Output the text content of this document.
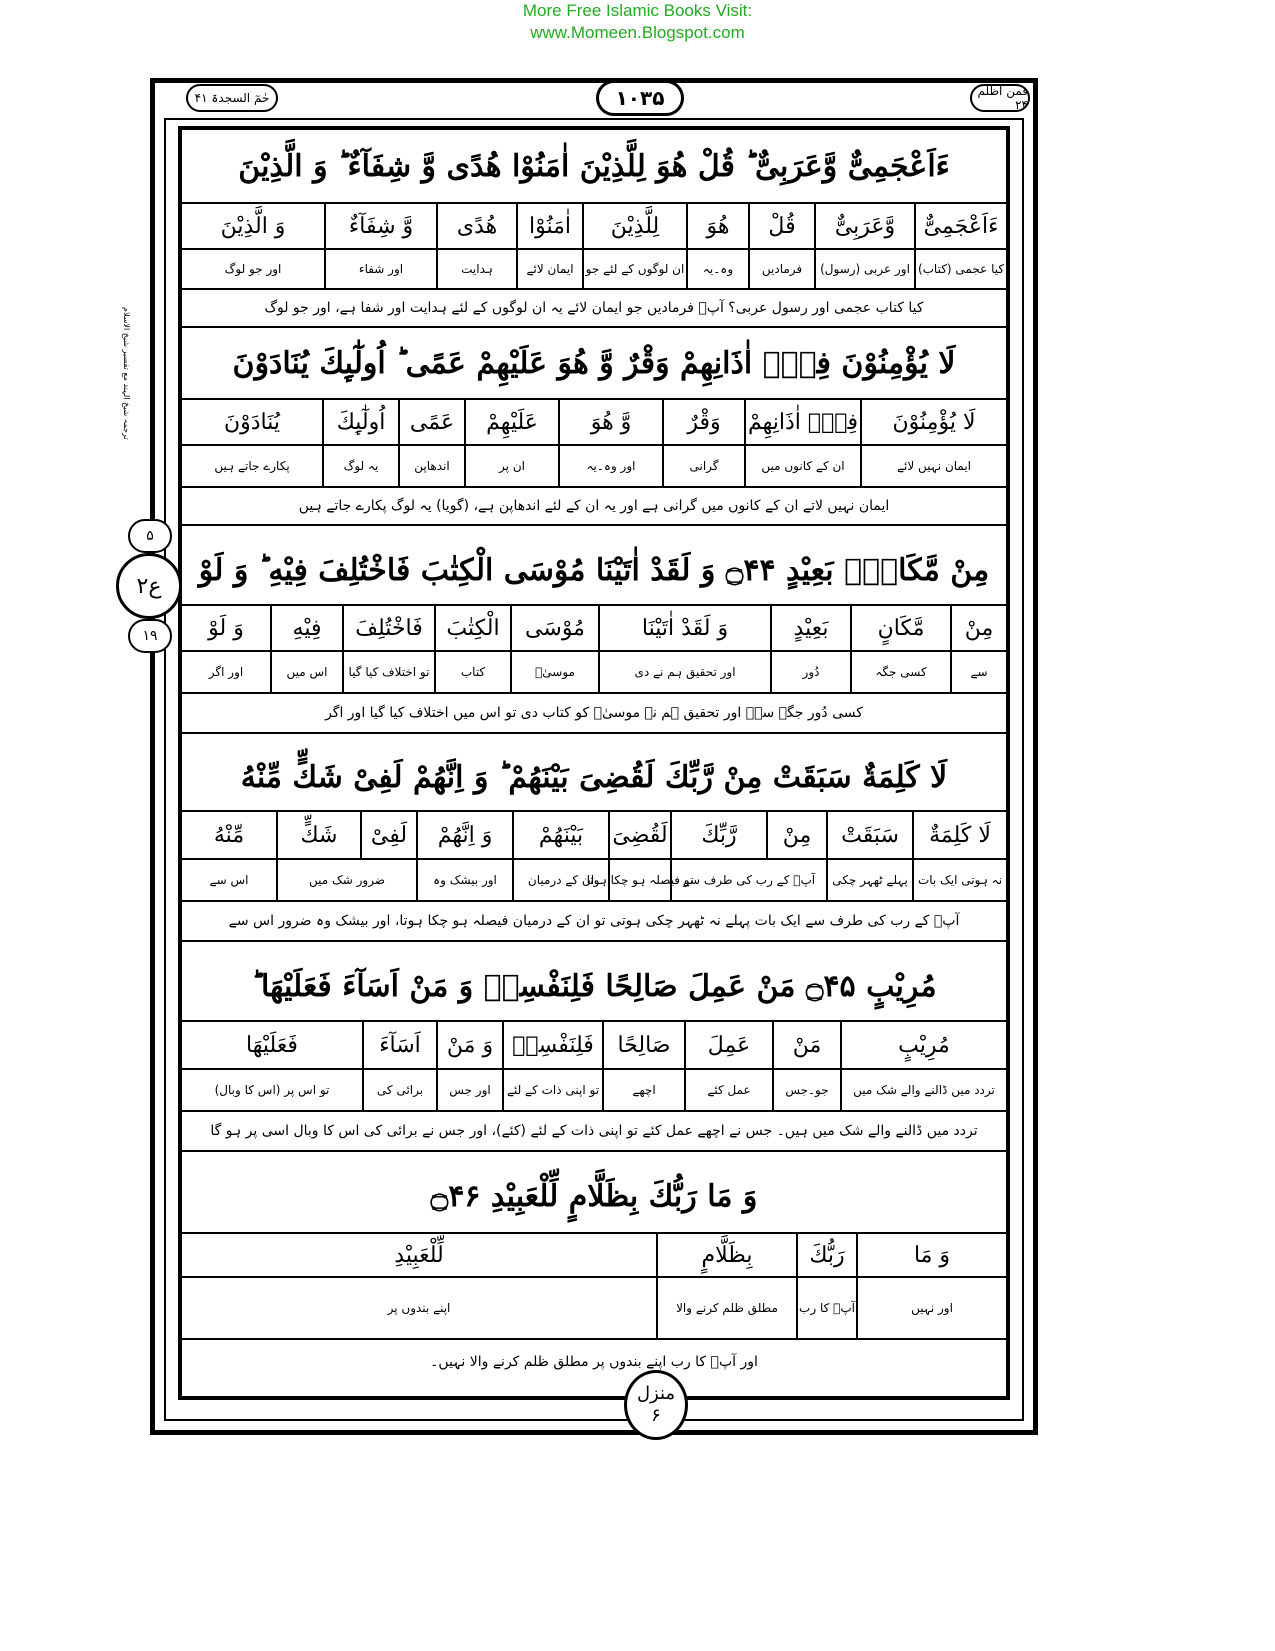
More Free Islamic Books Visit:
www.Momeen.Blogspot.com
حٰمٓ السجدۃ ۴۱	۱۰۳۵	فمن اظلم ۲۴
ترجمہ شیخ الہند مع تفسیر شیخ الاسلام
ءَاَعْجَمِیٌّ وَّعَرَبِیٌّ ؕ قُلْ هُوَ لِلَّذِیْنَ اٰمَنُوْا هُدًى وَّ شِفَآءٌ ؕ وَ الَّذِیْنَ
ءَاَعْجَمِیٌّ
وَّعَرَبِیٌّ
قُلْ
هُوَ
لِلَّذِیْنَ
اٰمَنُوْا
هُدًى
وَّ شِفَآءٌ
وَ الَّذِیْنَ
کیا عجمی (کتاب)
اور عربی (رسول)
فرمادیں
وہ۔یہ
ان لوگوں کے لئے جو
ایمان لائے
ہدایت
اور شفاء
اور جو لوگ
کیا کتاب عجمی اور رسول عربی؟ آپؐ فرمادیں جو ایمان لائے یہ ان لوگوں کے لئے ہدایت اور شفا ہے، اور جو لوگ
لَا یُؤْمِنُوْنَ فِیْۤ اٰذَانِهِمْ وَقْرٌ وَّ هُوَ عَلَیْهِمْ عَمًى ؕ اُولٰٓىِٕكَ یُنَادَوْنَ
لَا یُؤْمِنُوْنَ
فِیْۤ اٰذَانِهِمْ
وَقْرٌ
وَّ هُوَ
عَلَیْهِمْ
عَمًى
اُولٰٓىِٕكَ
یُنَادَوْنَ
ایمان نہیں لائے
ان کے کانوں میں
گرانی
اور وہ۔یہ
ان پر
اندھاپن
یہ لوگ
پکارے جاتے ہیں
ایمان نہیں لاتے ان کے کانوں میں گرانی ہے اور یہ ان کے لئے اندھاپن ہے، (گویا) یہ لوگ پکارے جاتے ہیں
مِنْ مَّكَانٍۭ بَعِیْدٍ ۝۴۴ وَ لَقَدْ اٰتَیْنَا مُوْسَى الْكِتٰبَ فَاخْتُلِفَ فِیْهِ ؕ وَ لَوْ
مِنْ
مَّكَانٍ
بَعِیْدٍ
وَ لَقَدْ اٰتَیْنَا
مُوْسَى
الْكِتٰبَ
فَاخْتُلِفَ
فِیْهِ
وَ لَوْ
سے
کسی جگہ
دُور
اور تحقیق ہم نے دی
موسیٰؑ
کتاب
تو اختلاف کیا گیا
اس میں
اور اگر
کسی دُور جگہ سے۔ اور تحقیق ہم نے موسیٰؑ کو کتاب دی تو اس میں اختلاف کیا گیا اور اگر
لَا كَلِمَةٌ سَبَقَتْ مِنْ رَّبِّكَ لَقُضِیَ بَیْنَهُمْ ؕ وَ اِنَّهُمْ لَفِیْ شَكٍّ مِّنْهُ
لَا كَلِمَةٌ
سَبَقَتْ
مِنْ
رَّبِّكَ
لَقُضِیَ
بَیْنَهُمْ
وَ اِنَّهُمْ
لَفِیْ
شَكٍّ
مِّنْهُ
نہ ہوتی ایک بات
پہلے ٹھہر چکی
آپؐ کے رب کی طرف سے
تو فیصلہ ہو چکا ہوتا
ان کے درمیان
اور بیشک وہ
ضرور شک میں
اس سے
آپؐ کے رب کی طرف سے ایک بات پہلے نہ ٹھہر چکی ہوتی تو ان کے درمیان فیصلہ ہو چکا ہوتا، اور بیشک وہ ضرور اس سے
مُرِیْبٍ ۝۴۵ مَنْ عَمِلَ صَالِحًا فَلِنَفْسِهٖ وَ مَنْ اَسَآءَ فَعَلَیْهَا ؕ
مُرِیْبٍ
مَنْ
عَمِلَ
صَالِحًا
فَلِنَفْسِهٖ
وَ مَنْ
اَسَآءَ
فَعَلَیْهَا
تردد میں ڈالنے والے شک میں
جو۔جس
عمل کئے
اچھے
تو اپنی ذات کے لئے
اور جس
برائی کی
تو اس پر (اس کا وبال)
تردد میں ڈالنے والے شک میں ہیں۔ جس نے اچھے عمل کئے تو اپنی ذات کے لئے (کئے)، اور جس نے برائی کی اس کا وبال اسی پر ہو گا
وَ مَا رَبُّكَ بِظَلَّامٍ لِّلْعَبِیْدِ ۝۴۶
وَ مَا
رَبُّكَ
بِظَلَّامٍ
لِّلْعَبِیْدِ
اور نہیں
آپؐ کا رب
مطلق ظلم کرنے والا
اپنے بندوں پر
اور آپؐ کا رب اپنے بندوں پر مطلق ظلم کرنے والا نہیں۔
۵
ع۲
۱۹
منزل
۶
